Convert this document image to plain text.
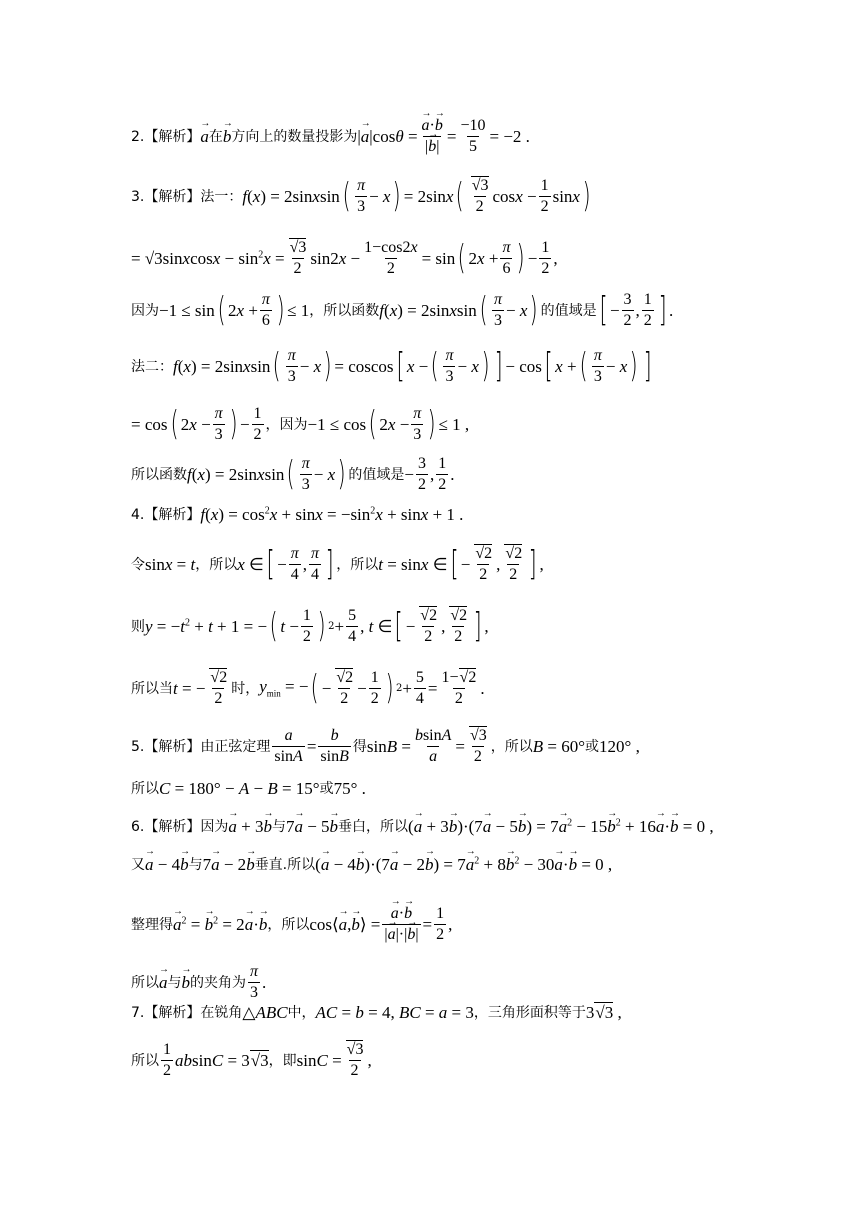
2.【解析】 → a 在 → b 方向上的数量投影为 |→ a|cosθ = → $\frac{a\cdot\to b}{|\to b|} = \frac{-10}{5} = -2$ .
3.【解析】 法一： f(x) = 2sinxsin ( $\frac{\pi}{3} - x$ ) = 2sinx ( $\frac{√3}{2}$ $\cos x - \frac{1}{2}$ sinx )
= √3sinxcosx − $\sin^2x = \frac{√3}{2} \sin 2x - \frac{1-\cos 2x}{2} = \sin$ ( $2x + \frac{\pi}{6}$ ) − $\frac{1}{2}$ ,
因为 −1 ≤ sin ( $2x + \frac{\pi}{6}$ ) ≤ 1 ，所以函数 f(x) = 2sinxsin ( $\frac{\pi}{3} - x$ ) 的值域是 [ − $\frac{3}{2}$ , $\frac{1}{2}$ ] .
法二： f(x) = 2sinxsin ( $\frac{\pi}{3} - x$ ) = coscos [ x − ( $\frac{\pi}{3} - x$ ) ] − cos [ x + ( $\frac{\pi}{3} - x$ ) ]
= cos ( $2x - \frac{\pi}{3}$ ) − $\frac{1}{2}$ ，因为 −1 ≤ cos ( $2x - \frac{\pi}{3}$ ) ≤ 1 ,
所以函数 f(x) = 2sinxsin ( $\frac{\pi}{3} - x$ ) 的值域是 − $\frac{3}{2}$ , $\frac{1}{2}$ .
4.【解析】 $f(x) = \cos^2x + \sin x = -\sin^2x + \sin x + 1$ .
令 sinx = t ，所以 x ∈ [ − $\frac{\pi}{4}$ , $\frac{\pi}{4}$ ] ，所以 t = sinx ∈ [ − $\frac{√2}{2}$ , $\frac{√2}{2}$ ] ,
则 $y = -t^2 + t + 1$ = − ( $t - \frac{1}{2}$ ) $2 + \frac{5}{4}$ , t ∈ [ − $\frac{√2}{2}$ , $\frac{√2}{2}$ ] ,
所以当 t = − $\frac{√2}{2}$ 时， $y_{min}$ = − ( − $\frac{√2}{2} - \frac{1}{2}$ ) $2 + \frac{5}{4} = \frac{1-√2}{2}$ .
5.【解析】 由正弦定理 $\frac{a}{\sin A} = \frac{b}{\sin B}$ 得 $\sin B = \frac{bsinA}{a} = \frac{√3}{2}$ ，所以 B = 60° 或 120° ,
所以 C = 180° − A − B = 15° 或 75° .
6.【解析】 因为 → a + 3→ b 与 7→ a − 5→ b 垂白，所以 (→ $a + 3\to b)\cdot(7\to a - 5\to b) = 7\to a^2 - 15\to b^2 + 16\to a\cdot\to b = 0$ ,
又 → a − 4→ b 与 7→ a − 2→ b 垂直.所以 (→ $a - 4\to b)\cdot(7\to a - 2\to b) = 7\to a^2 + 8\to b^2 - 30\to a\cdot\to b = 0$ ,
整理得 → $a^2$ = → $b^2 = 2\to a\cdot\to b$ ，所以 cos⟨→ a,→ b⟩ = → $\frac{a\cdot\to b}{|\to a|\cdot|\to b|} = \frac{1}{2}$ ,
所以 → a 与 → b 的夹角为 $\frac{\pi}{3}$ .
7.【解析】 在锐角 △ABC 中， AC = b = 4, BC = a = 3 ，三角形面积等于 3√3 ,
所以 $\frac{1}{2}$ absinC = 3√3 ，即 $\sin C = \frac{√3}{2}$ ,
